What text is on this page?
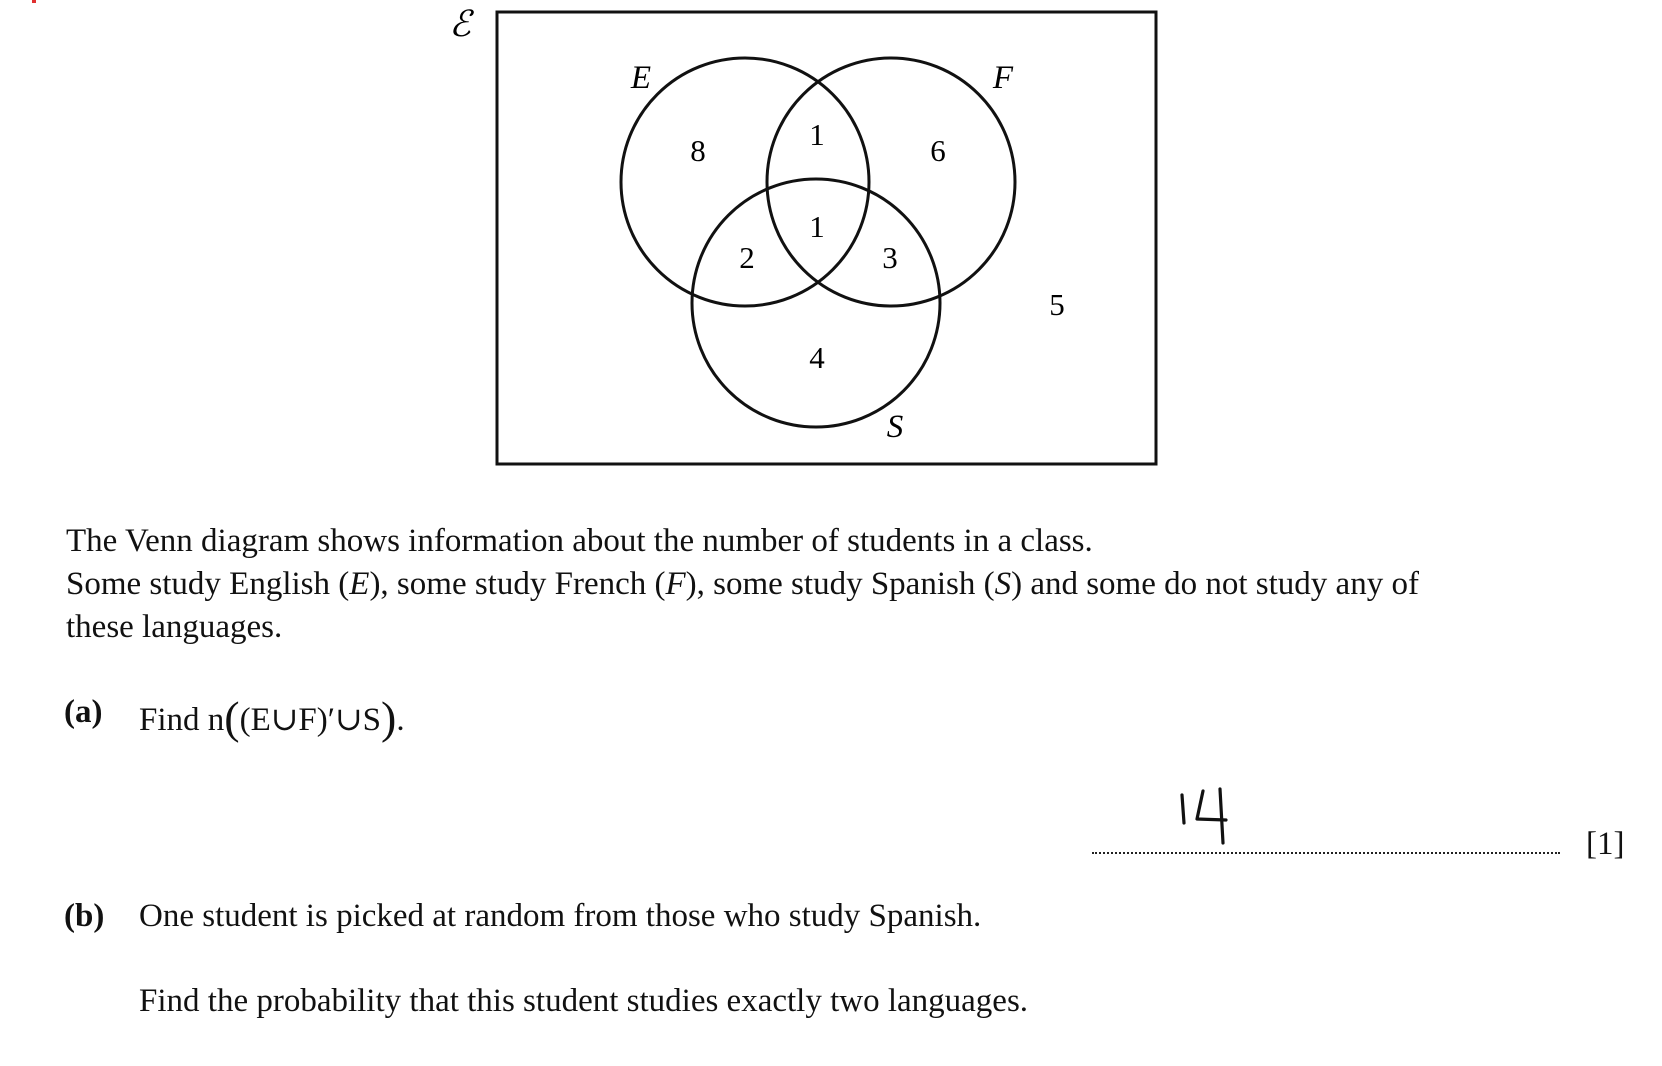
ℰ
E	F
S
8	1	6
1
2	3
4
5
The Venn diagram shows information about the number of students in a class.
Some study English (E), some study French (F), some study Spanish (S) and some do not study any of
these languages.
(a) Find n((E∪F)′∪S).
[1]
(b) One student is picked at random from those who study Spanish.
Find the probability that this student studies exactly two languages.
